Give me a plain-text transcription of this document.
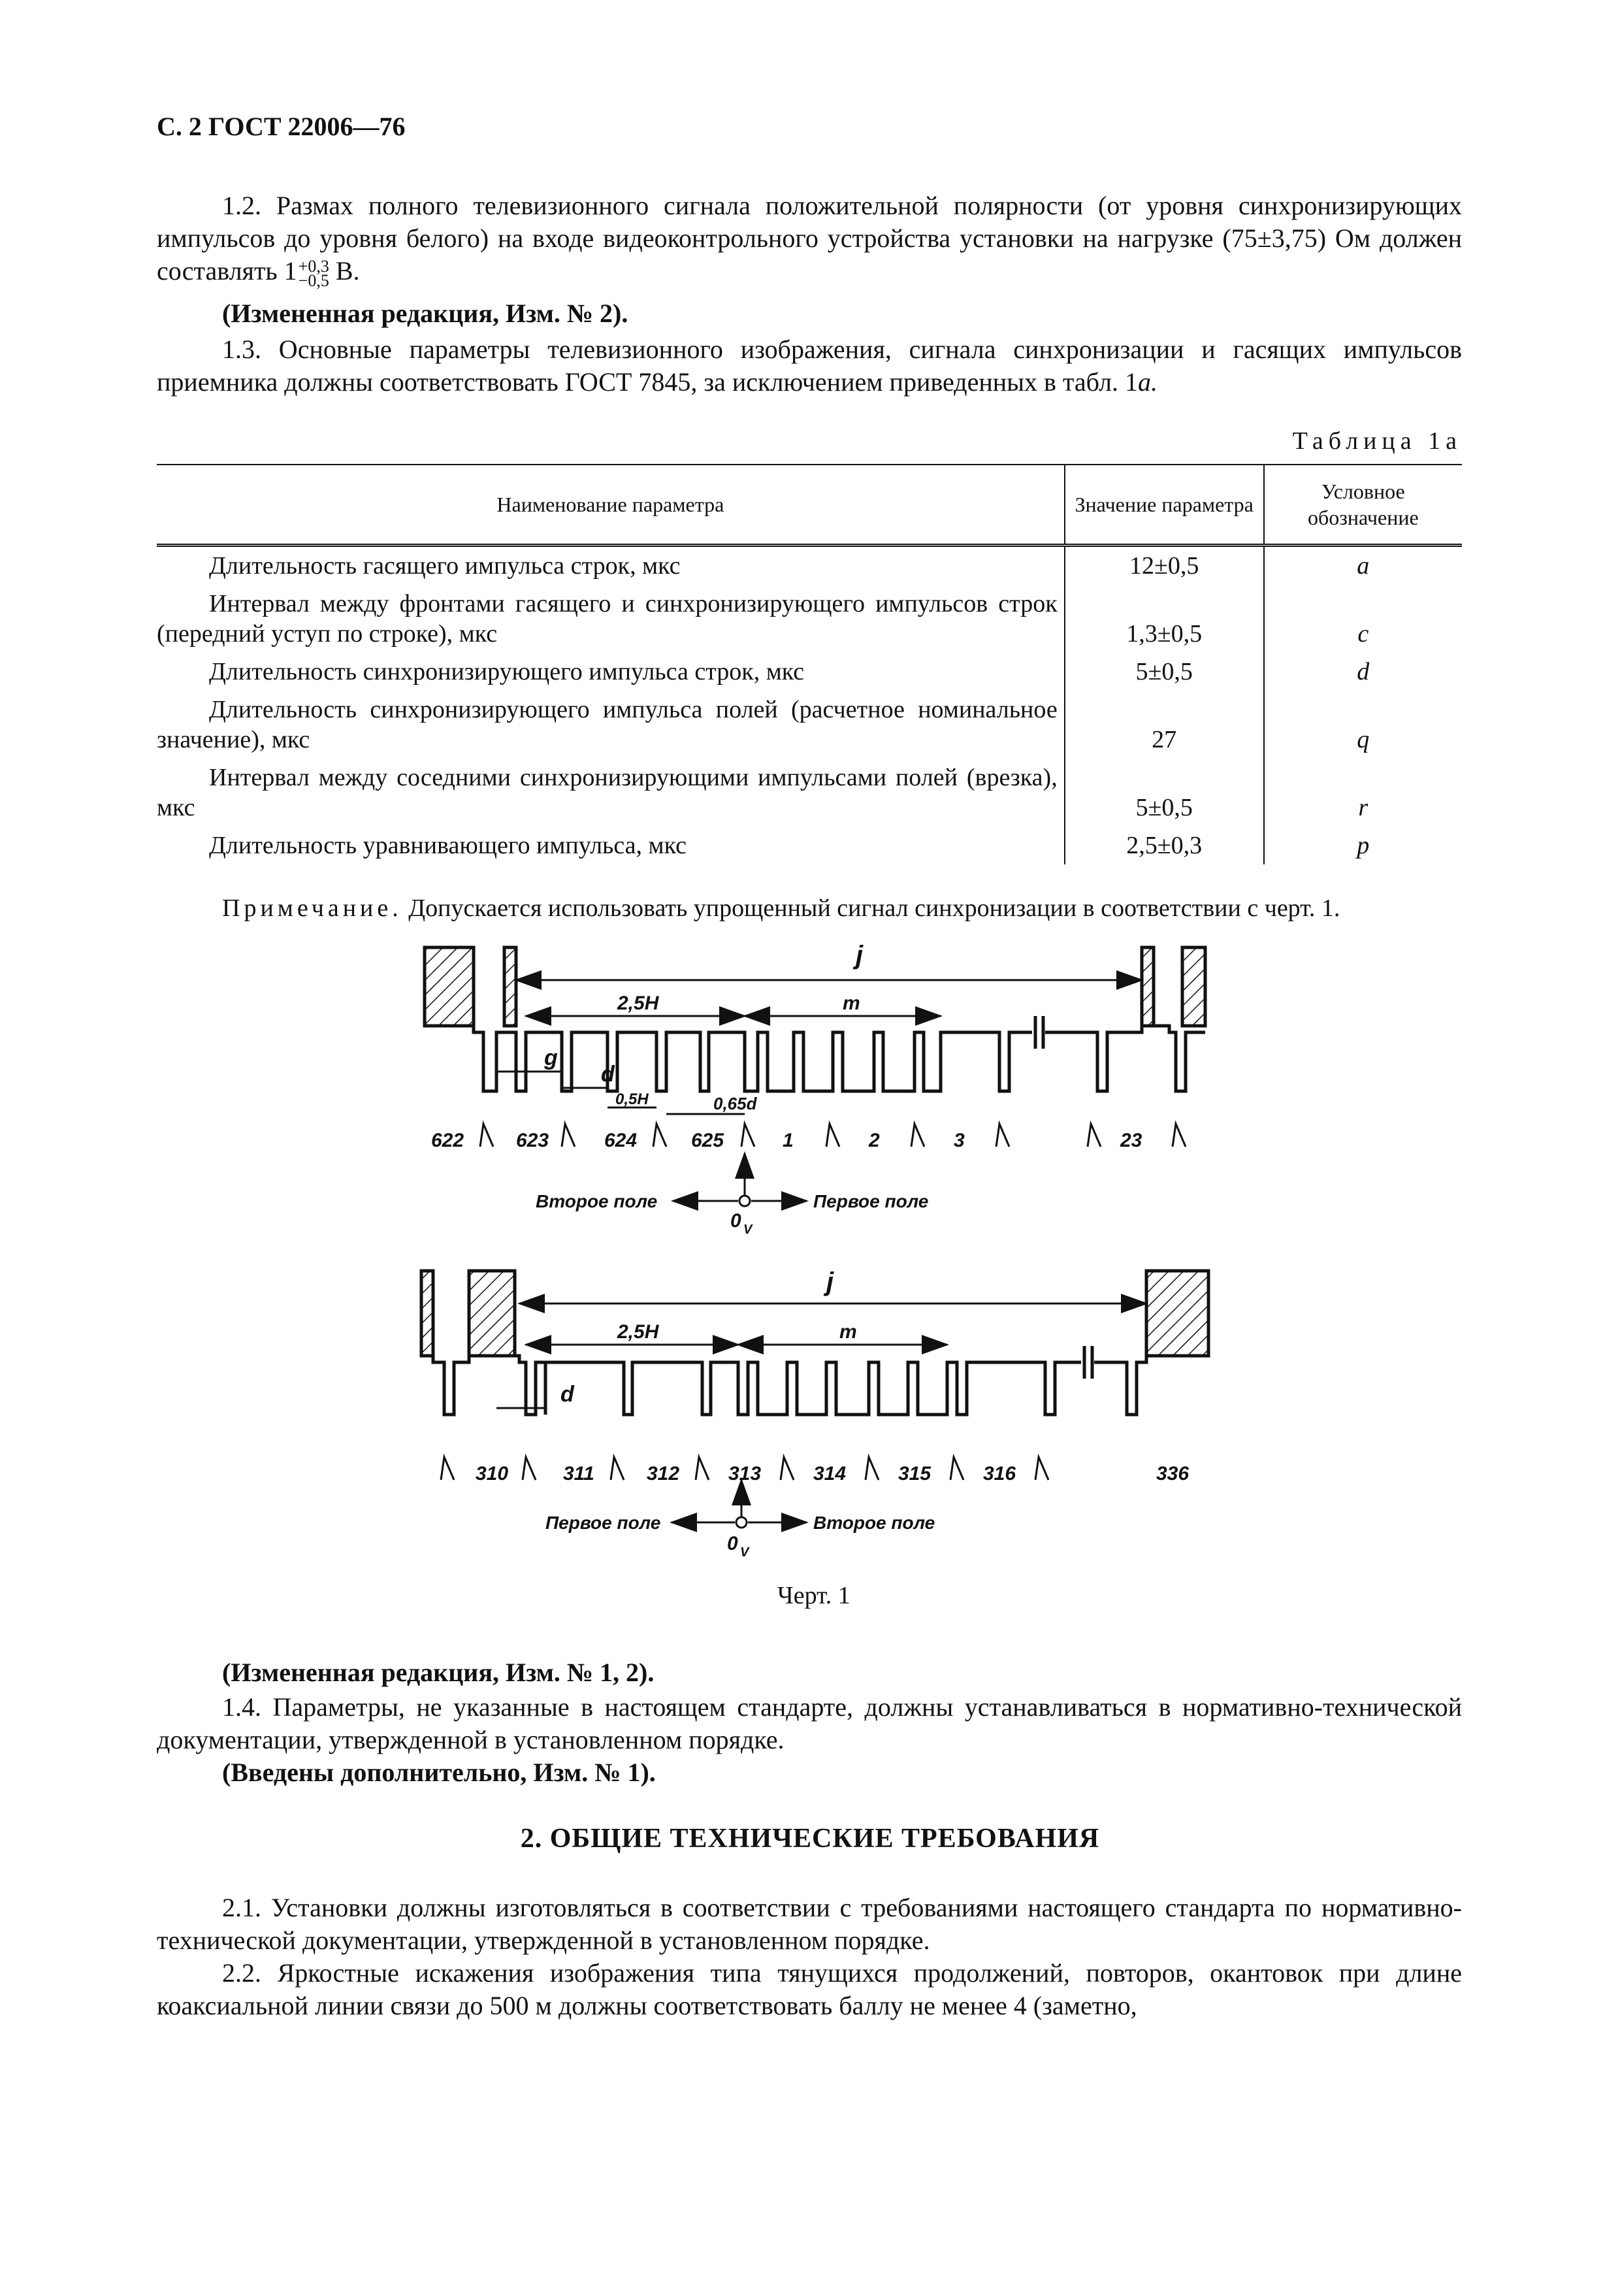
С. 2 ГОСТ 22006—76
1.2. Размах полного телевизионного сигнала положительной полярности (от уровня синхронизирующих импульсов до уровня белого) на входе видеоконтрольного устройства установки на нагрузке (75±3,75) Ом должен составлять 1 +0,3
−0,5 В.
(Измененная редакция, Изм. № 2).
1.3. Основные параметры телевизионного изображения, сигнала синхронизации и гасящих импульсов приемника должны соответствовать ГОСТ 7845, за исключением приведенных в табл. 1а.
Таблица 1а
Наименование параметра	Значение параметра	Условное обозначение
Длительность гасящего импульса строк, мкс	12±0,5	a
Интервал между фронтами гасящего и синхронизирующего импульсов строк (передний уступ по строке), мкс	1,3±0,5	c
Длительность синхронизирующего импульса строк, мкс	5±0,5	d
Длительность синхронизирующего импульса полей (расчетное номинальное значение), мкс	27	q
Интервал между соседними синхронизирующими импульсами полей (врезка), мкс	5±0,5	r
Длительность уравнивающего импульса, мкс	2,5±0,3	p
Примечание. Допускается использовать упрощенный сигнал синхронизации в соответствии с черт. 1.
j
2,5H	m
g
d
0,5H	0,65d
622	623	624	625	1	2	3	23
Второе поле	Первое поле
0 V
j
2,5H	m
d
310	311	312 313	314	315	316	336
Первое поле	Второе поле
0 V
Черт. 1
(Измененная редакция, Изм. № 1, 2).
1.4. Параметры, не указанные в настоящем стандарте, должны устанавливаться в нормативно-технической документации, утвержденной в установленном порядке.
(Введены дополнительно, Изм. № 1).
2. ОБЩИЕ ТЕХНИЧЕСКИЕ ТРЕБОВАНИЯ
2.1. Установки должны изготовляться в соответствии с требованиями настоящего стандарта по нормативно-технической документации, утвержденной в установленном порядке.
2.2. Яркостные искажения изображения типа тянущихся продолжений, повторов, окантовок при длине коаксиальной линии связи до 500 м должны соответствовать баллу не менее 4 (заметно,
